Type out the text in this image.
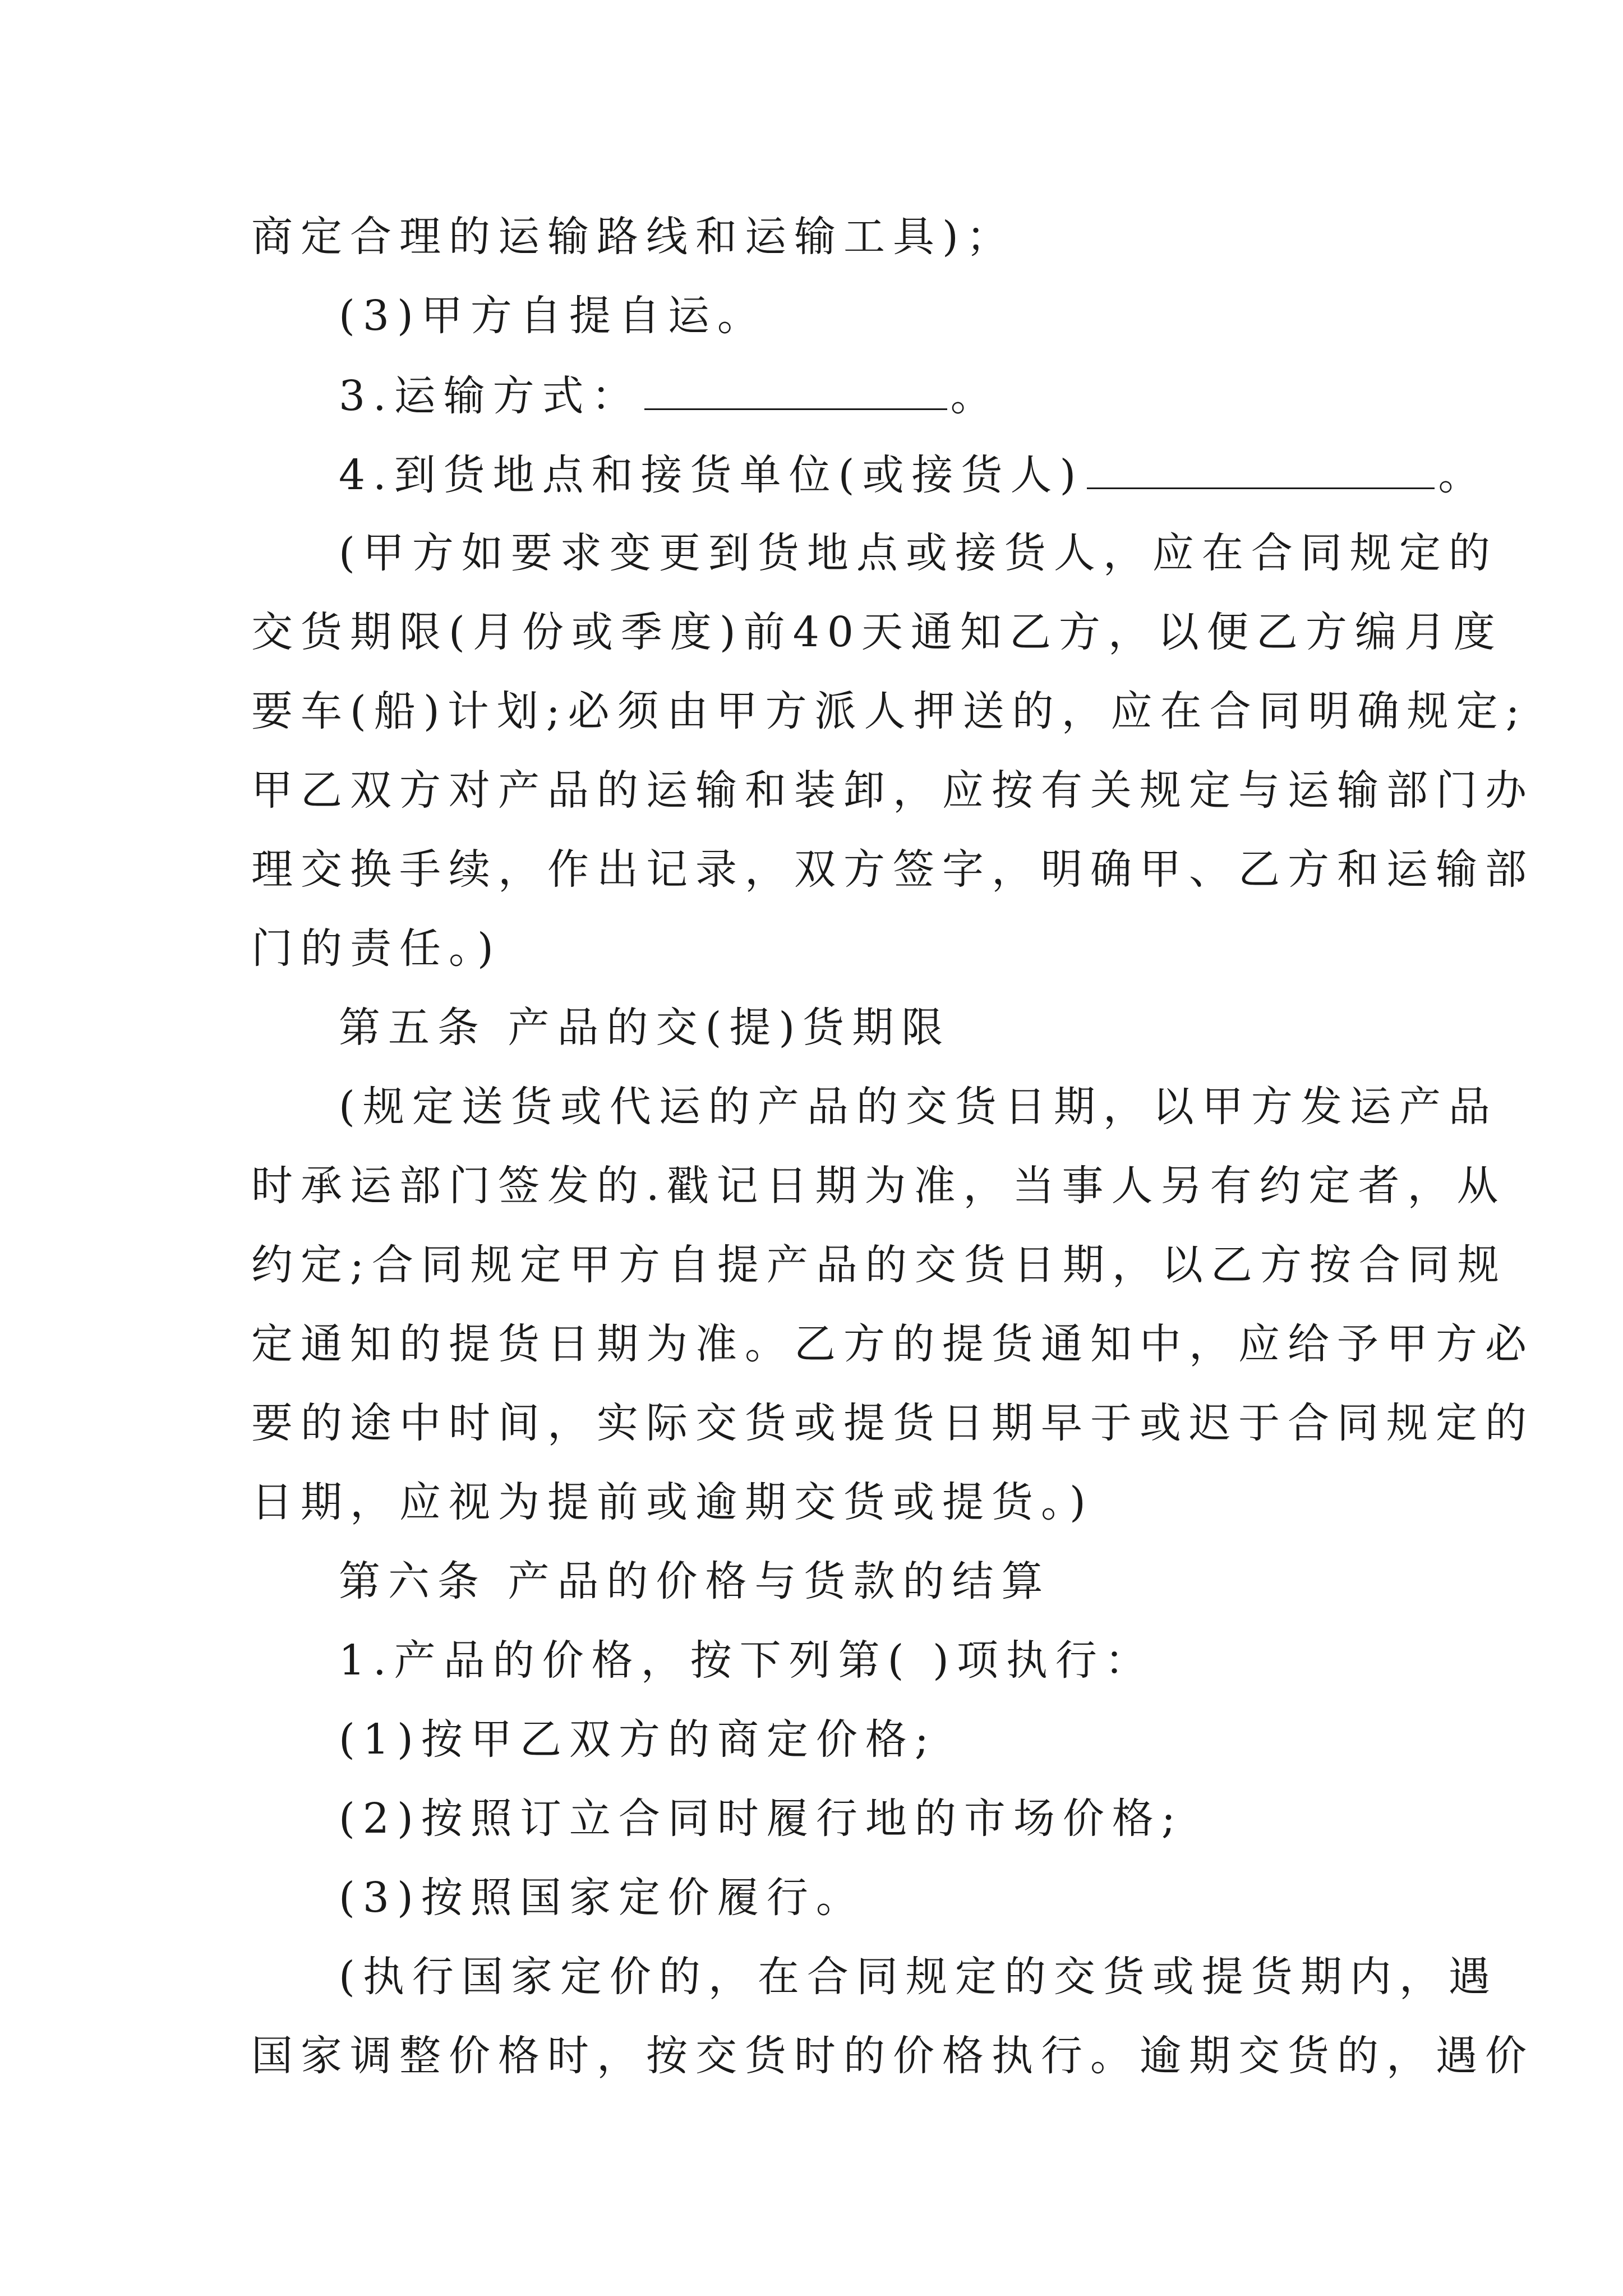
商定合理的运输路线和运输工具)；
(3)甲方自提自运。
3.运输方式：	。
4.到货地点和接货单位(或接货人)	。
(甲方如要求变更到货地点或接货人，应在合同规定的
交货期限(月份或季度)前40天通知乙方，以便乙方编月度
要车(船)计划;必须由甲方派人押送的，应在合同明确规定;
甲乙双方对产品的运输和装卸，应按有关规定与运输部门办
理交换手续，作出记录，双方签字，明确甲、乙方和运输部
门的责任。)
第五条 产品的交(提)货期限
(规定送货或代运的产品的交货日期，以甲方发运产品
时承运部门签发的.戳记日期为准，当事人另有约定者，从
约定;合同规定甲方自提产品的交货日期，以乙方按合同规
定通知的提货日期为准。乙方的提货通知中，应给予甲方必
要的途中时间，实际交货或提货日期早于或迟于合同规定的
日期，应视为提前或逾期交货或提货。)
第六条 产品的价格与货款的结算
1.产品的价格，按下列第( )项执行：
(1)按甲乙双方的商定价格;
(2)按照订立合同时履行地的市场价格;
(3)按照国家定价履行。
(执行国家定价的，在合同规定的交货或提货期内，遇
国家调整价格时，按交货时的价格执行。逾期交货的，遇价
